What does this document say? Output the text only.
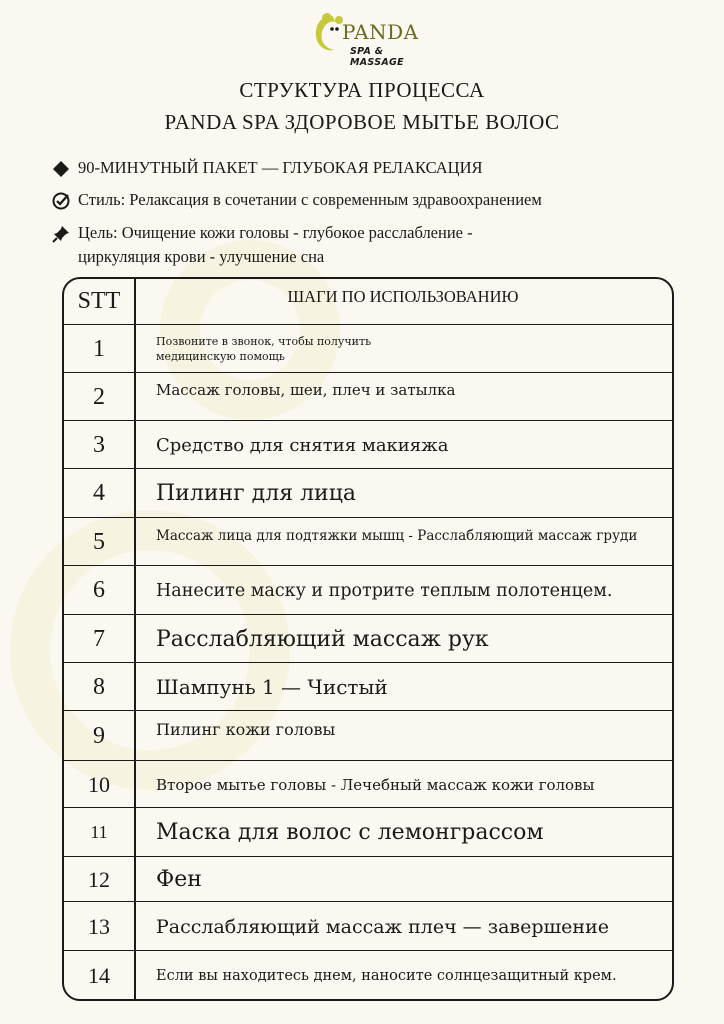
PANDA
SPA & MASSAGE
СТРУКТУРА ПРОЦЕССА
PANDA SPA ЗДОРОВОЕ МЫТЬЕ ВОЛОС
90-МИНУТНЫЙ ПАКЕТ — ГЛУБОКАЯ РЕЛАКСАЦИЯ
Стиль: Релаксация в сочетании с современным здравоохранением
Цель: Очищение кожи головы - глубокое расслабление -
циркуляция крови - улучшение сна
STT	ШАГИ ПО ИСПОЛЬЗОВАНИЮ
1	Позвоните в звонок, чтобы получить
медицинскую помощь
2	Массаж головы, шеи, плеч и затылка
3	Средство для снятия макияжа
4	Пилинг для лица
5	Массаж лица для подтяжки мышц - Расслабляющий массаж груди
6	Нанесите маску и протрите теплым полотенцем.
7	Расслабляющий массаж рук
8	Шампунь 1 — Чистый
9	Пилинг кожи головы
10	Второе мытье головы - Лечебный массаж кожи головы
11	Маска для волос с лемонграссом
12	Фен
13	Расслабляющий массаж плеч — завершение
14	Если вы находитесь днем, наносите солнцезащитный крем.
